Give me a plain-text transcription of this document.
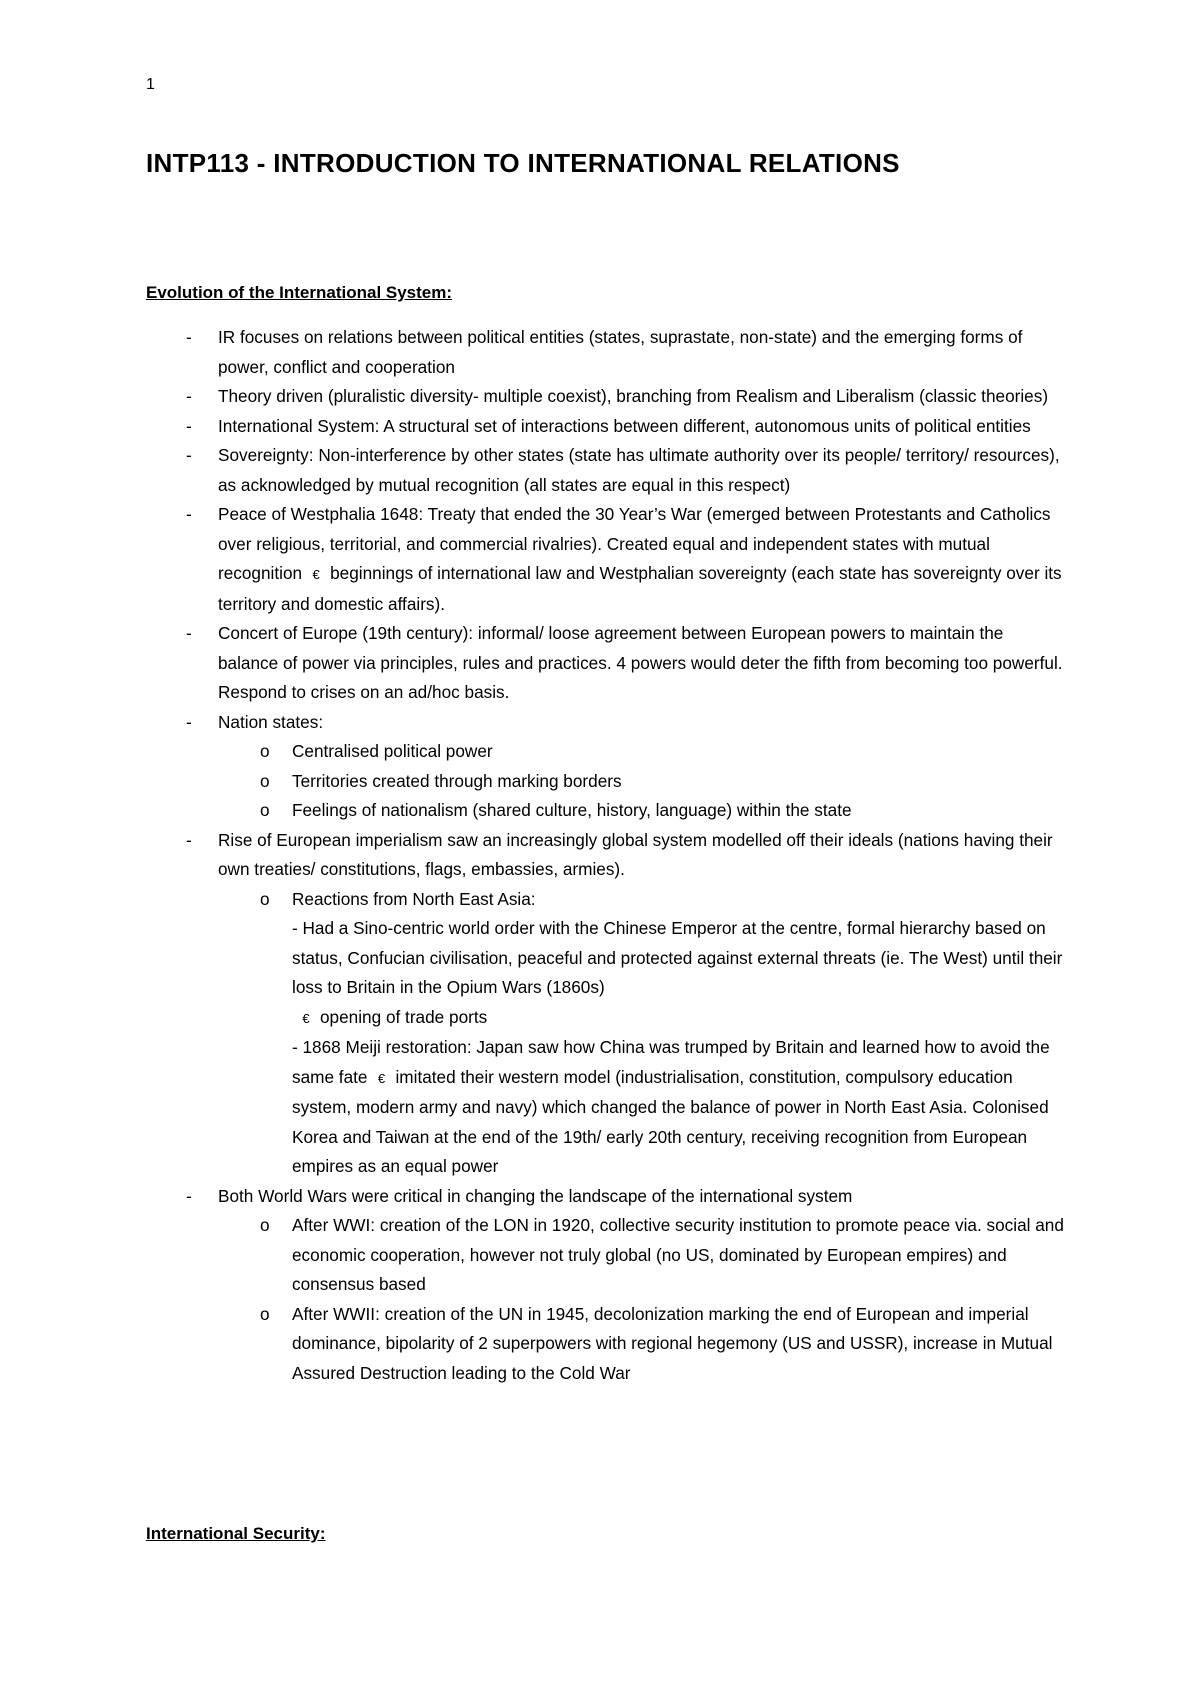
1
INTP113 - INTRODUCTION TO INTERNATIONAL RELATIONS
Evolution of the International System:
-	IR focuses on relations between political entities (states, suprastate, non-state) and the emerging forms of power, conflict and cooperation
-	Theory driven (pluralistic diversity- multiple coexist), branching from Realism and Liberalism (classic theories)
-	International System: A structural set of interactions between different, autonomous units of political entities
-	Sovereignty: Non-interference by other states (state has ultimate authority over its people/ territory/ resources), as acknowledged by mutual recognition (all states are equal in this respect)
-	Peace of Westphalia 1648: Treaty that ended the 30 Year’s War (emerged between Protestants and Catholics over religious, territorial, and commercial rivalries). Created equal and independent states with mutual recognition € beginnings of international law and Westphalian sovereignty (each state has sovereignty over its territory and domestic affairs).
-	Concert of Europe (19th century): informal/ loose agreement between European powers to maintain the balance of power via principles, rules and practices. 4 powers would deter the fifth from becoming too powerful. Respond to crises on an ad/hoc basis.
-	Nation states:
o	Centralised political power
o	Territories created through marking borders
o	Feelings of nationalism (shared culture, history, language) within the state
-	Rise of European imperialism saw an increasingly global system modelled off their ideals (nations having their own treaties/ constitutions, flags, embassies, armies).
o	Reactions from North East Asia:
- Had a Sino-centric world order with the Chinese Emperor at the centre, formal hierarchy based on status, Confucian civilisation, peaceful and protected against external threats (ie. The West) until their loss to Britain in the Opium Wars (1860s)
€ opening of trade ports
- 1868 Meiji restoration: Japan saw how China was trumped by Britain and learned how to avoid the same fate € imitated their western model (industrialisation, constitution, compulsory education system, modern army and navy) which changed the balance of power in North East Asia. Colonised Korea and Taiwan at the end of the 19th/ early 20th century, receiving recognition from European empires as an equal power
-	Both World Wars were critical in changing the landscape of the international system
o	After WWI: creation of the LON in 1920, collective security institution to promote peace via. social and economic cooperation, however not truly global (no US, dominated by European empires) and consensus based
o	After WWII: creation of the UN in 1945, decolonization marking the end of European and imperial dominance, bipolarity of 2 superpowers with regional hegemony (US and USSR), increase in Mutual Assured Destruction leading to the Cold War
International Security:
